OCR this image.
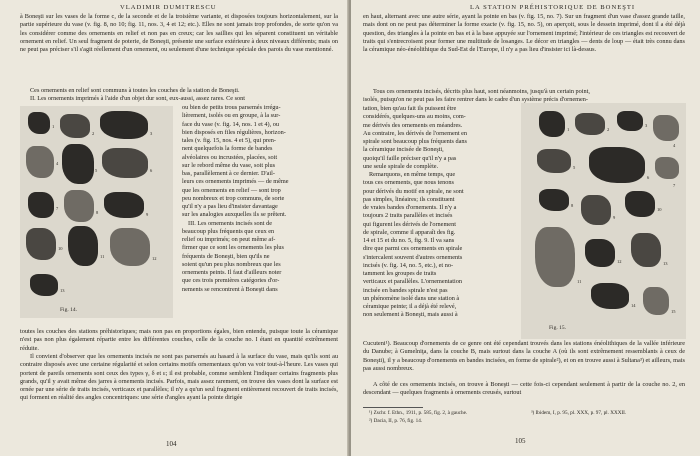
VLADIMIR DUMITRESCU

à Boneşti sur les vases de la forme c, de la seconde et de la troisième variante, et disposées toujours horizontalement, sur la partie supérieure du vase (v. fig. 8, no 10; fig. 11, nos. 3, 4 et 12; etc.). Elles ne sont jamais trop profondes, de sorte qu'on va les considérer comme des ornements en relief et non pas en creux; car les saillies qui les séparent constituent un véritable ornement en relief. Un seul fragment de poterie, de Boneşti, présente une surface extérieure à deux niveaux différents; mais on ne peut pas préciser s'il s'agit réellement d'un ornement, ou seulement d'une technique spéciale des parois du vase mentionné.

Ces ornements en relief sont communs à toutes les couches de la station de Boneşti.

II. Les ornements imprimés à l'aide d'un objet dur sont, eux-aussi, assez rares. Ce sont

1
2	3
4
5	6
7
8	9
10
11	12
13
Fig. 14.

ou bien de petits trous parsemés irrégu-

lièrement, isolés ou en groupe, à la sur-

face du vase (v. fig. 14, nos. 1 et 4), ou

bien disposés en files régulières, horizon-

tales (v. fig. 15, nos. 4 et 5), qui pren-

nent quelquefois la forme de bandes

alvéolaires ou incrustées, placées, soit

sur le rebord même du vase, soit plus

bas, parallèlement à ce dernier. D'ail-

leurs ces ornements imprimés — de même

que les ornements en relief — sont trop

peu nombreux et trop communs, de sorte

qu'il n'y a pas lieu d'insister davantage

sur les analogies auxquelles ils se prêtent.

III. Les ornements incisés sont de

beaucoup plus fréquents que ceux en

relief ou imprimés; on peut même af-

firmer que ce sont les ornements les plus

fréquents de Boneşti, bien qu'ils ne

soient qu'un peu plus nombreux que les

ornements peints. Il faut d'ailleurs noter

que ces trois premières catégories d'or-

nements se rencontrent à Boneşti dans

toutes les couches des stations préhistoriques; mais non pas en proportions égales, bien entendu, puisque toute la céramique n'est pas non plus également répartie entre les différentes couches, celle de la couche no. I étant en quantité extrêmement réduite.

Il convient d'observer que les ornements incisés ne sont pas parsemés au hasard à la surface du vase, mais qu'ils sont au contraire disposés avec une certaine régularité et selon certains motifs ornementaux qu'on va voir tout-à-l'heure. Les vases qui portent de pareils ornements sont ceux des types γ, δ et ε; il est probable, comme semblent l'indiquer certains fragments plus grands, qu'il y avait même des jarres à ornements incisés. Parfois, mais assez rarement, on trouve des vases dont la surface est ornée par une série de traits incisés, verticaux et parallèles; il n'y a qu'un seul fragment entièrement recouvert de traits incisés, qui forment en réalité des angles concentriques: une série d'angles ayant la pointe dirigée

104
LA STATION PRÉHISTORIQUE DE BONEŞTI

en haut, alternant avec une autre série, ayant la pointe en bas (v. fig. 15, no. 7). Sur un fragment d'un vase d'assez grande taille, mais dont on ne peut pas déterminer la forme exacte (v. fig. 15, no. 5), on aperçoit, sous le dessein imprimé, dont il a été déjà question, des triangles à la pointe en bas et à la base appuyée sur l'ornement imprimé; l'intérieur de ces triangles est recouvert de traits qui s'entrecroisent pour former une multitude de losanges. Le décor en triangles — dents de loup — était très connu dans la céramique néo-énéolithique du Sud-Est de l'Europe, il n'y a pas lieu d'insister ici là-dessus.

Tous ces ornements incisés, décrits plus haut, sont néanmoins, jusqu'à un certain point,

isolés, puisqu'on ne peut pas les faire rentrer dans le cadre d'un système précis d'ornemen-

tation, bien qu'au fait ils puissent être

considérés, quelques-uns au moins, com-

me dérivés des ornements en méandres.

Au contraire, les dérivés de l'ornement en

spirale sont beaucoup plus fréquents dans

la céramique incisée de Boneşti,

quoiqu'il faille préciser qu'il n'y a pas

une seule spirale de complète.

Remarquons, en même temps, que

tous ces ornements, que nous tenons

pour dérivés du motif en spirale, ne sont

pas simples, linéaires; ils constituent

de vraies bandes d'ornements. Il n'y a

toujours 2 traits parallèles et incisés

qui figurent les dérivés de l'ornement

de spirale, comme il apparaît des fig.

14 et 15 et du no. 5, fig. 9. Il va sans

dire que parmi ces ornements en spirale

s'intercalent souvent d'autres ornements

incisés (v. fig. 14, no. 5, etc.), et no-

tamment les groupes de traits

verticaux et parallèles. L'ornementation

incisée en bandes spirale n'est pas

un phénomène isolé dans une station à

céramique peinte; il a déjà été relevé,

non seulement à Boneşti, mais aussi à

1	2
3
4
5
6
7
8
9
10
11
12	13
14
15
Fig. 15.

Cucuteni¹). Beaucoup d'ornements de ce genre ont été cependant trouvés dans les stations énéolithiques de la vallée inférieure du Danube; à Gumelniţa, dans la couche B, mais surtout dans la couche A (où ils sont extrêmement ressemblants à ceux de Boneşti), il y a beaucoup d'ornements en bandes incisées, en forme de spirale²), et on en trouve aussi à Sultana³) et ailleurs, mais pas aussi nombreux.

A côté de ces ornements incisés, on trouve à Boneşti — cette fois-ci cependant seulement à partir de la couche no. 2, en descendant — quelques fragments à ornements creusés, surtout

¹) Zschr. f. Ethn., 1911, p. 585, fig. 2, à gauche.
²) Dacia, II, p. 76, fig. 14.
³) Ibidem, I, p. 95, pl. XXX, p. 97, pl. XXXII.
105
